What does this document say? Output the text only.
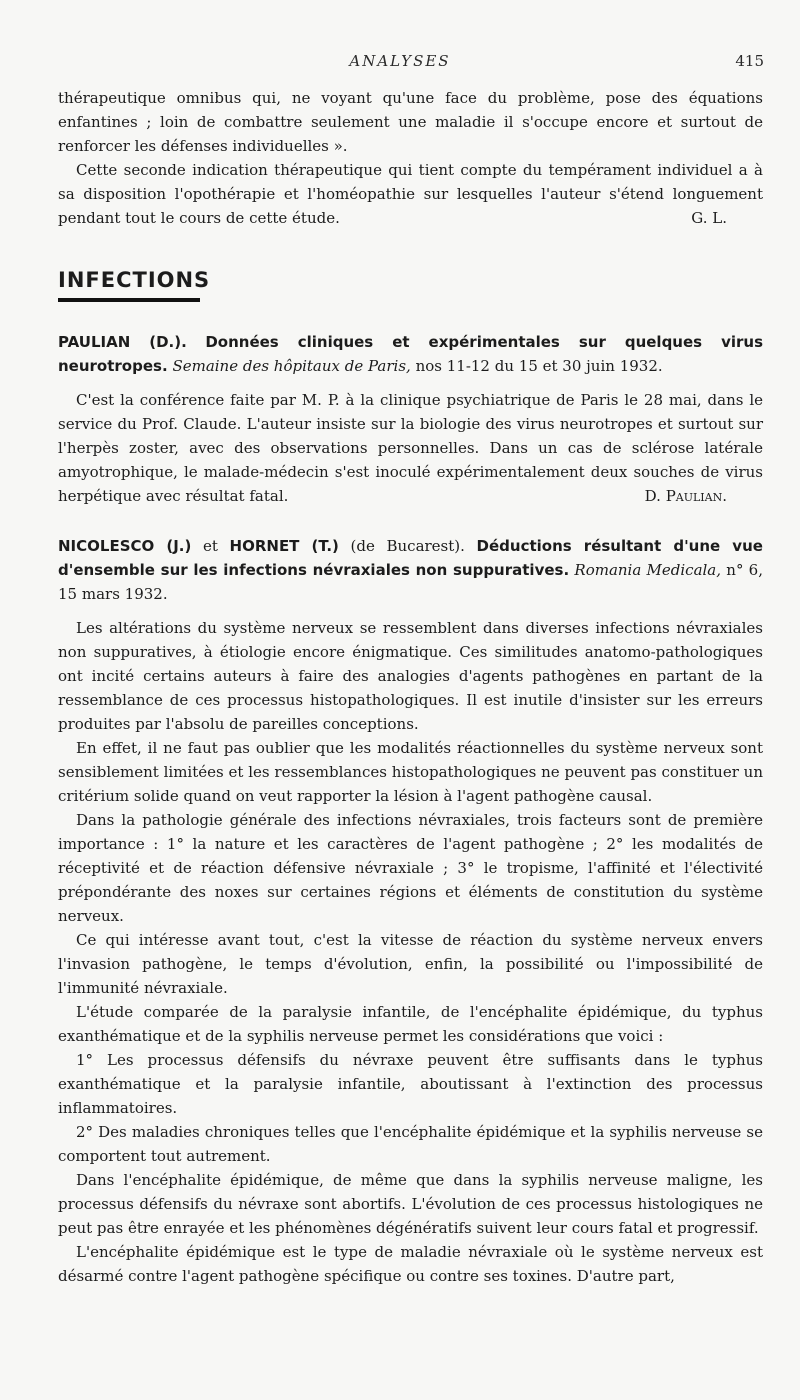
ANALYSES	415

thérapeutique omnibus qui, ne voyant qu'une face du problème, pose des équations enfantines ; loin de combattre seulement une maladie il s'occupe encore et surtout de renforcer les défenses individuelles ».

Cette seconde indication thérapeutique qui tient compte du tempérament individuel a à sa disposition l'opothérapie et l'homéopathie sur lesquelles l'auteur s'étend longuement pendant tout le cours de cette étude.	G. L.

INFECTIONS
PAULIAN (D.). Données cliniques et expérimentales sur quelques virus neurotropes. Semaine des hôpitaux de Paris, nos 11-12 du 15 et 30 juin 1932.

C'est la conférence faite par M. P. à la clinique psychiatrique de Paris le 28 mai, dans le service du Prof. Claude. L'auteur insiste sur la biologie des virus neurotropes et surtout sur l'herpès zoster, avec des observations personnelles. Dans un cas de sclérose latérale amyotrophique, le malade-médecin s'est inoculé expérimentalement deux souches de virus herpétique avec résultat fatal.	D. Paulian.

NICOLESCO (J.) et HORNET (T.) (de Bucarest). Déductions résultant d'une vue d'ensemble sur les infections névraxiales non suppuratives. Romania Medicala, n° 6, 15 mars 1932.

Les altérations du système nerveux se ressemblent dans diverses infections névraxiales non suppuratives, à étiologie encore énigmatique. Ces similitudes anatomo-pathologiques ont incité certains auteurs à faire des analogies d'agents pathogènes en partant de la ressemblance de ces processus histopathologiques. Il est inutile d'insister sur les erreurs produites par l'absolu de pareilles conceptions.

En effet, il ne faut pas oublier que les modalités réactionnelles du système nerveux sont sensiblement limitées et les ressemblances histopathologiques ne peuvent pas constituer un critérium solide quand on veut rapporter la lésion à l'agent pathogène causal.

Dans la pathologie générale des infections névraxiales, trois facteurs sont de première importance : 1° la nature et les caractères de l'agent pathogène ; 2° les modalités de réceptivité et de réaction défensive névraxiale ; 3° le tropisme, l'affinité et l'électivité prépondérante des noxes sur certaines régions et éléments de constitution du système nerveux.

Ce qui intéresse avant tout, c'est la vitesse de réaction du système nerveux envers l'invasion pathogène, le temps d'évolution, enfin, la possibilité ou l'impossibilité de l'immunité névraxiale.

L'étude comparée de la paralysie infantile, de l'encéphalite épidémique, du typhus exanthématique et de la syphilis nerveuse permet les considérations que voici :

1° Les processus défensifs du névraxe peuvent être suffisants dans le typhus exanthématique et la paralysie infantile, aboutissant à l'extinction des processus inflammatoires.

2° Des maladies chroniques telles que l'encéphalite épidémique et la syphilis nerveuse se comportent tout autrement.

Dans l'encéphalite épidémique, de même que dans la syphilis nerveuse maligne, les processus défensifs du névraxe sont abortifs. L'évolution de ces processus histologiques ne peut pas être enrayée et les phénomènes dégénératifs suivent leur cours fatal et progressif.

L'encéphalite épidémique est le type de maladie névraxiale où le système nerveux est désarmé contre l'agent pathogène spécifique ou contre ses toxines. D'autre part,
